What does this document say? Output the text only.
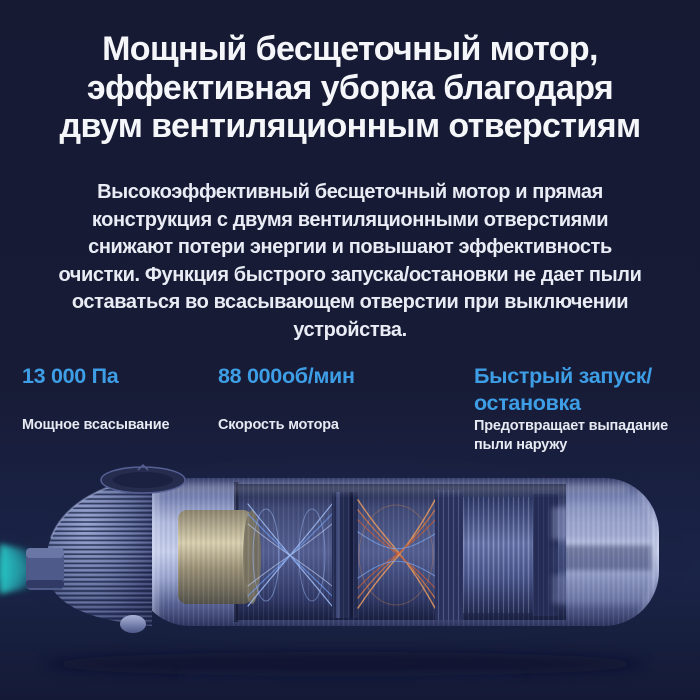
Мощный бесщеточный мотор,
эффективная уборка благодаря
двум вентиляционным отверстиям

Высокоэффективный бесщеточный мотор и прямая
конструкция с двумя вентиляционными отверстиями
снижают потери энергии и повышают эффективность
очистки. Функция быстрого запуска/остановки не дает пыли
оставаться во всасывающем отверстии при выключении
устройства.

13 000 Па
Мощное всасывание
88 000об/мин
Скорость мотора
Быстрый запуск/
остановка
Предотвращает выпадание
пыли наружу
